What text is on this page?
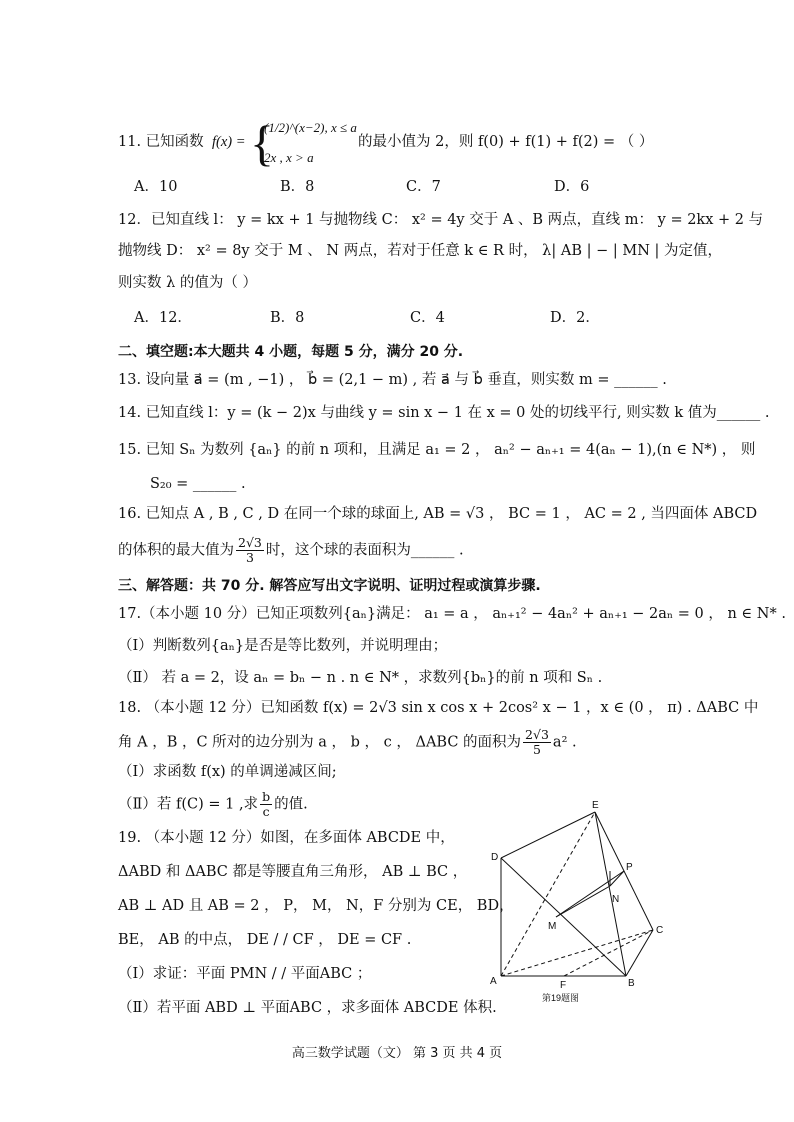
11. 已知函数 f(x) = {
(1/2)^(x−2), x ≤ a
2x , x > a
的最小值为 2，则 f(0) + f(1) + f(2) = （ ）
A．10	B．8	C．7	D．6
12．已知直线 l： y = kx + 1 与抛物线 C： x² = 4y 交于 A 、B 两点，直线 m： y = 2kx + 2 与
抛物线 D： x² = 8y 交于 M 、 N 两点，若对于任意 k ∈ R 时， λ| AB | − | MN | 为定值，
则实数 λ 的值为（ ）
A．12．	B．8	C．4	D．2．
二、填空题:本大题共 4 小题，每题 5 分，满分 20 分.
13. 设向量 a⃗ = (m , −1) ， b⃗ = (2,1 − m) , 若 a⃗ 与 b⃗ 垂直，则实数 m = ______ .
14. 已知直线 l：y = (k − 2)x 与曲线 y = sin x − 1 在 x = 0 处的切线平行, 则实数 k 值为______ .
15. 已知 Sₙ 为数列 {aₙ} 的前 n 项和，且满足 a₁ = 2 ， aₙ² − aₙ₊₁ = 4(aₙ − 1),(n ∈ N*) ， 则
S₂₀ = ______ .
16. 已知点 A , B , C , D 在同一个球的球面上, AB = √3 ， BC = 1 ， AC = 2 , 当四面体 ABCD
的体积的最大值为 $\frac{2√3}{3}$ 时，这个球的表面积为______ .
三、解答题：共 70 分. 解答应写出文字说明、证明过程或演算步骤.
17.（本小题 10 分）已知正项数列{aₙ}满足： a₁ = a ， aₙ₊₁² − 4aₙ² + aₙ₊₁ − 2aₙ = 0 ， n ∈ N* .
（Ⅰ）判断数列{aₙ}是否是等比数列，并说明理由；
（Ⅱ） 若 a = 2，设 aₙ = bₙ − n . n ∈ N* ，求数列{bₙ}的前 n 项和 Sₙ .
18. （本小题 12 分）已知函数 f(x) = 2√3 sin x cos x + 2cos² x − 1 ，x ∈ (0 ， π) . ΔABC 中
角 A ，B ，C 所对的边分别为 a ， b ， c ， ΔABC 的面积为 $\frac{2√3}{5} a^2$ .
（Ⅰ）求函数 f(x) 的单调递减区间;
（Ⅱ）若 f(C) = 1 ,求 $\frac{b}{c}$ 的值.
19. （本小题 12 分）如图，在多面体 ABCDE 中，
ΔABD 和 ΔABC 都是等腰直角三角形， AB ⊥ BC ，
AB ⊥ AD 且 AB = 2 ， P， M， N，F 分别为 CE， BD，
BE， AB 的中点， DE / / CF ， DE = CF .
（Ⅰ）求证：平面 PMN / / 平面ABC ；
（Ⅱ）若平面 ABD ⊥ 平面ABC ，求多面体 ABCDE 体积.
E
D
P
N
M	C
A	F	B
第19题图
高三数学试题（文） 第 3 页 共 4 页
